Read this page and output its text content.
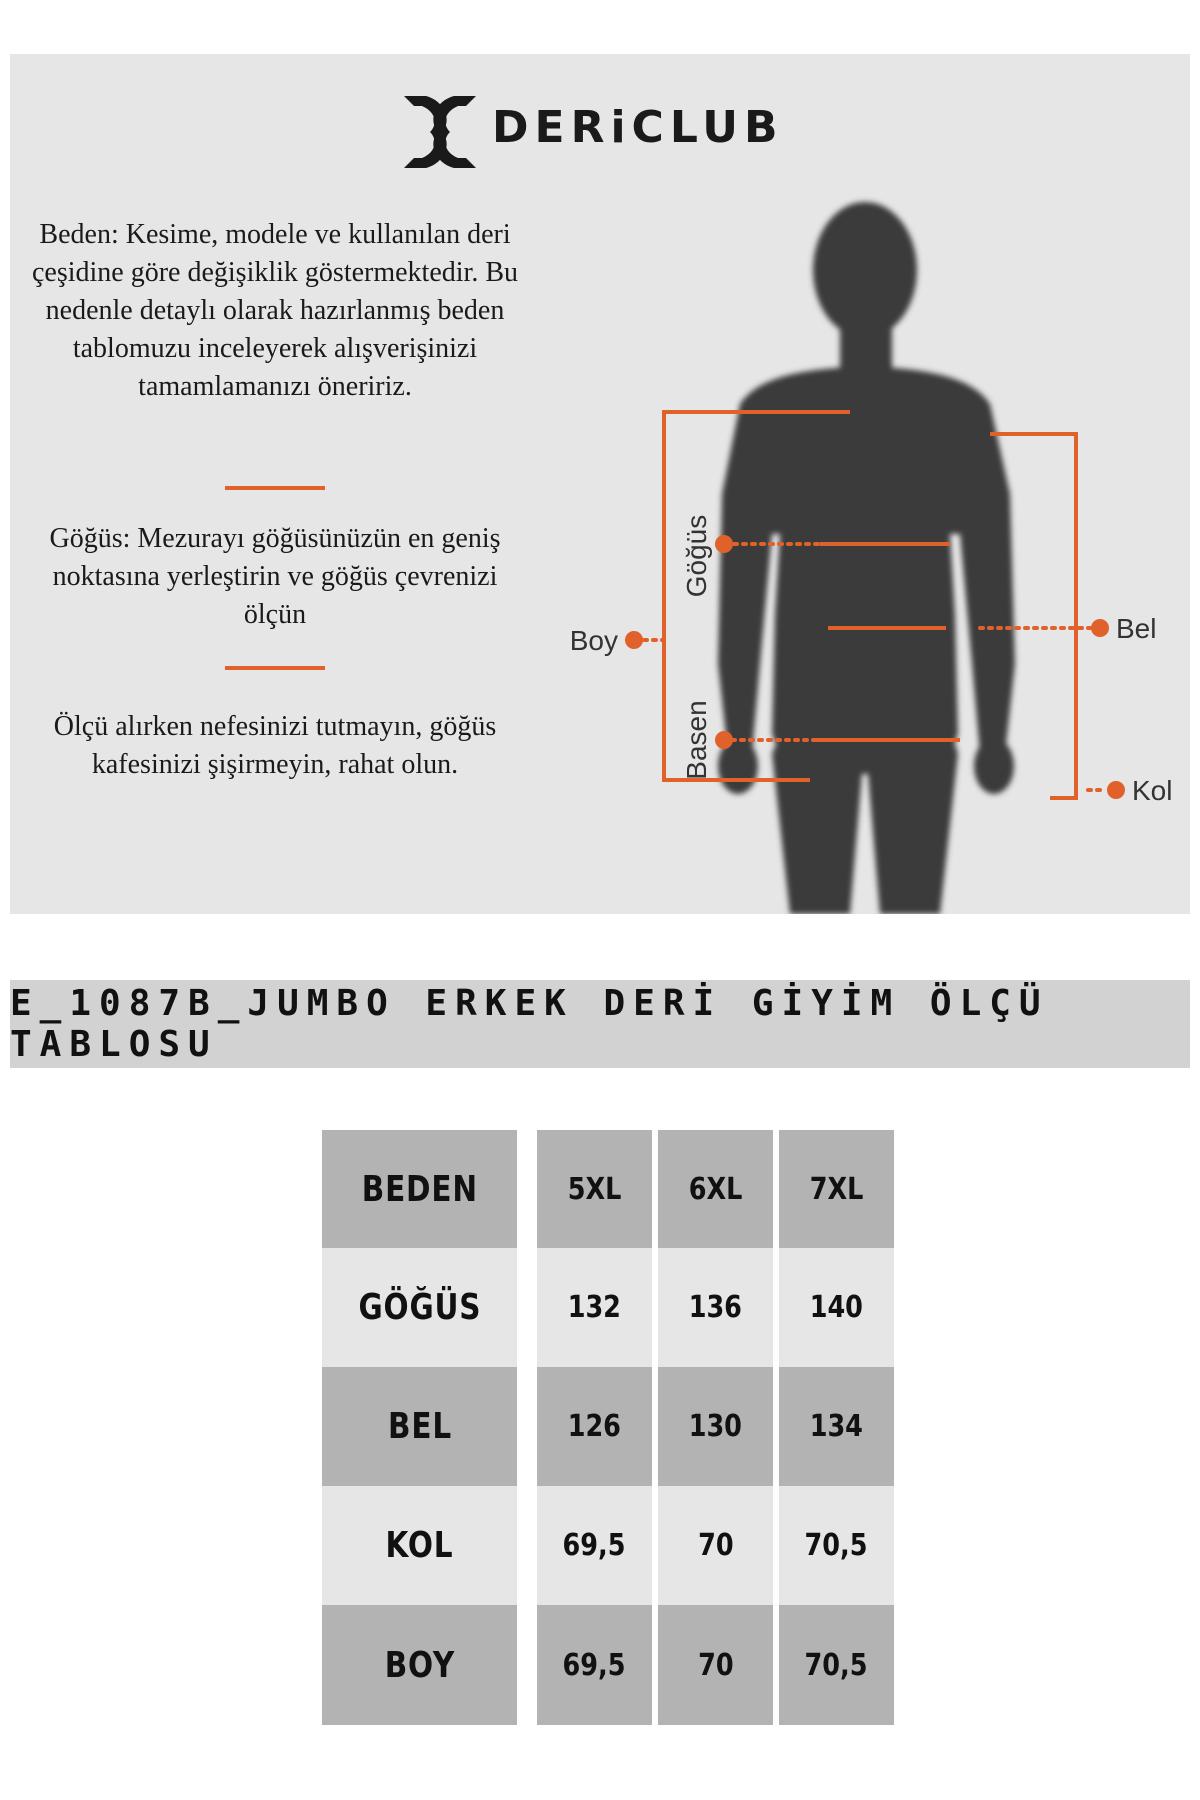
DERiCLUB
Beden: Kesime, modele ve kullanılan deri çeşidine göre değişiklik göstermektedir. Bu nedenle detaylı olarak hazırlanmış beden tablomuzu inceleyerek alışverişinizi tamamlamanızı öneririz.
Göğüs: Mezurayı göğüsünüzün en geniş noktasına yerleştirin ve göğüs çevrenizi ölçün
Ölçü alırken nefesinizi tutmayın, göğüs kafesinizi şişirmeyin, rahat olun.
Göğüs
Basen
Boy	Bel
Kol
E_1087B_JUMBO ERKEK DERİ GİYİM ÖLÇÜ TABLOSU
BEDEN	5XL 6XL 7XL
GÖĞÜS	132 136 140
BEL	126 130 134
KOL	69,5 70 70,5
BOY	69,5 70 70,5
